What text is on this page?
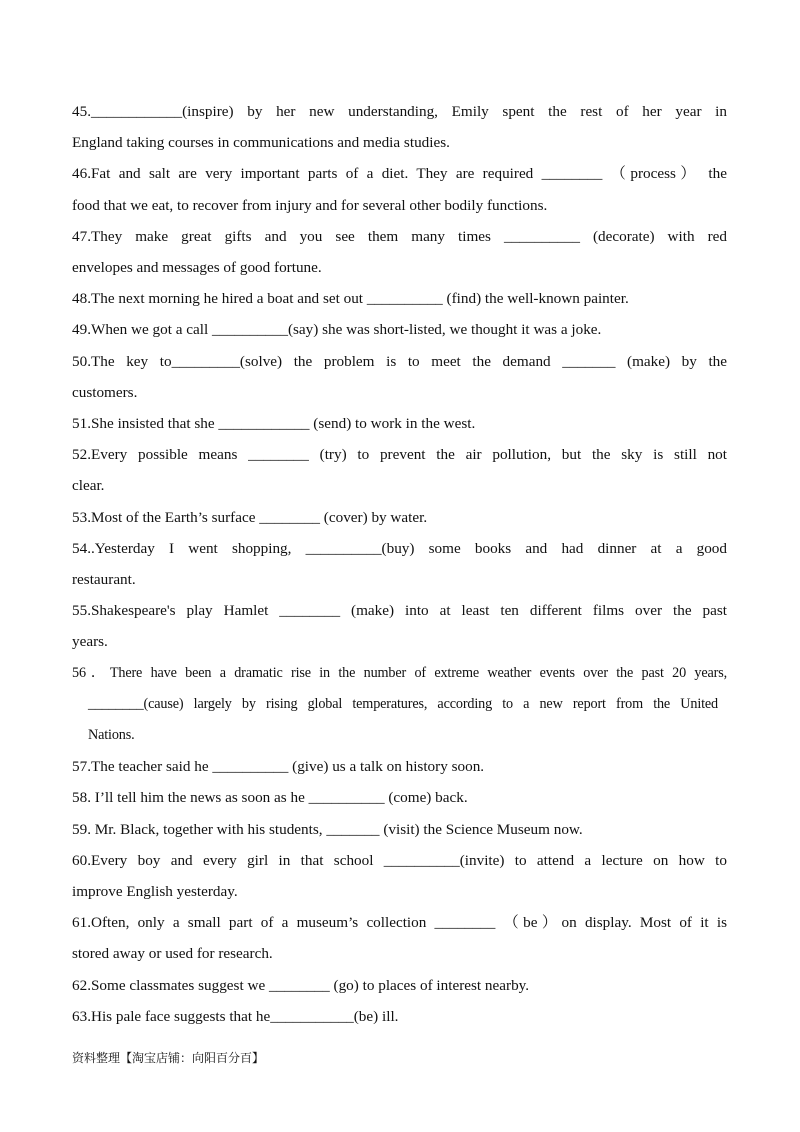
45.____________(inspire) by her new understanding, Emily spent the rest of her year in
England taking courses in communications and media studies.
46.Fat and salt are very important parts of a diet. They are required ________ （process） the
food that we eat, to recover from injury and for several other bodily functions.
47.They make great gifts and you see them many times __________ (decorate) with red
envelopes and messages of good fortune.
48.The next morning he hired a boat and set out __________ (find) the well-known painter.
49.When we got a call __________(say) she was short-listed, we thought it was a joke.
50.The key to_________(solve) the problem is to meet the demand _______ (make) by the
customers.
51.She insisted that she ____________ (send) to work in the west.
52.Every possible means ________ (try) to prevent the air pollution, but the sky is still not
clear.
53.Most of the Earth’s surface ________ (cover) by water.
54..Yesterday I went shopping, __________(buy) some books and had dinner at a good
restaurant.
55.Shakespeare's play Hamlet ________ (make) into at least ten different films over the past
years.
56．There have been a dramatic rise in the number of extreme weather events over the past 20 years,
________(cause) largely by rising global temperatures, according to a new report from the United
Nations.
57.The teacher said he __________ (give) us a talk on history soon.
58. I’ll tell him the news as soon as he __________ (come) back.
59. Mr. Black, together with his students, _______ (visit) the Science Museum now.
60.Every boy and every girl in that school __________(invite) to attend a lecture on how to
improve English yesterday.
61.Often, only a small part of a museum’s collection ________ （be）on display. Most of it is
stored away or used for research.
62.Some classmates suggest we ________ (go) to places of interest nearby.
63.His pale face suggests that he___________(be) ill.
资料整理【淘宝店铺：向阳百分百】
